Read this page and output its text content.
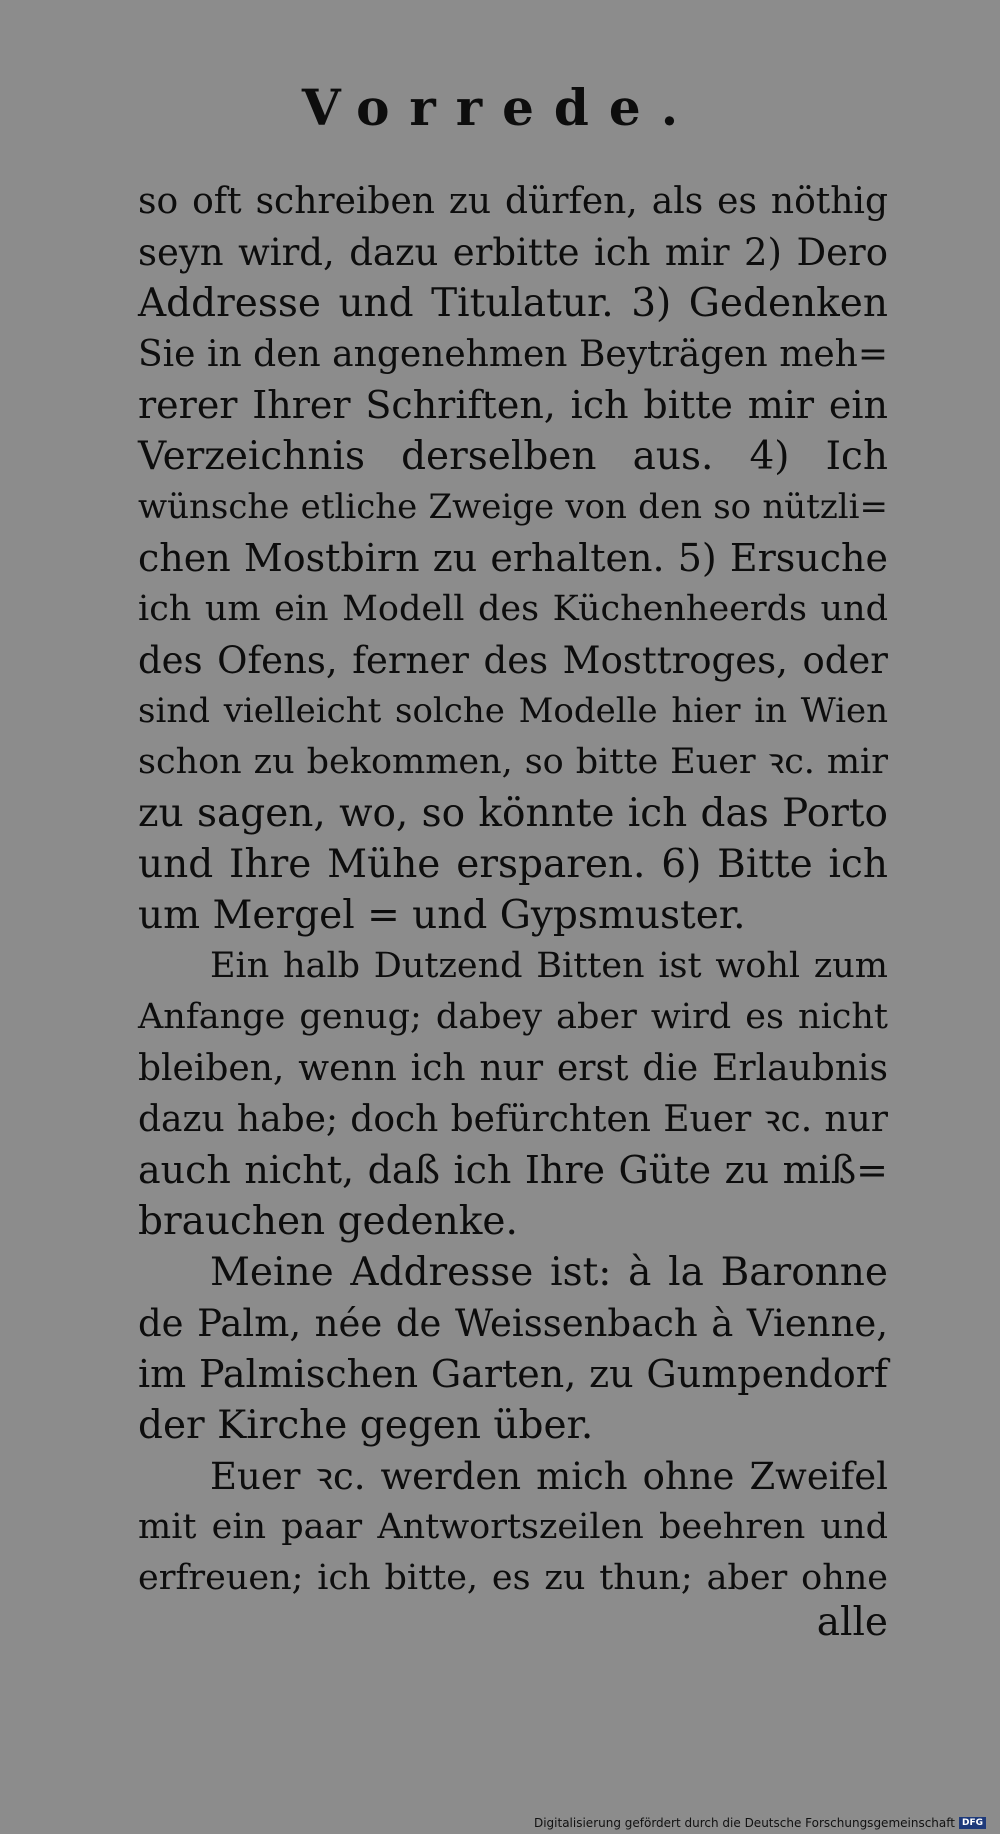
Vorrede.
so oft schreiben zu dürfen, als es nöthig
seyn wird, dazu erbitte ich mir 2) Dero
Addresse und Titulatur. 3) Gedenken
Sie in den angenehmen Beyträgen meh=
rerer Ihrer Schriften, ich bitte mir ein
Verzeichnis derselben aus. 4) Ich
wünsche etliche Zweige von den so nützli=
chen Mostbirn zu erhalten. 5) Ersuche
ich um ein Modell des Küchenheerds und
des Ofens, ferner des Mosttroges, oder
sind vielleicht solche Modelle hier in Wien
schon zu bekommen, so bitte Euer ꝛc. mir
zu sagen, wo, so könnte ich das Porto
und Ihre Mühe ersparen. 6) Bitte ich
um Mergel = und Gypsmuster.
Ein halb Dutzend Bitten ist wohl zum
Anfange genug; dabey aber wird es nicht
bleiben, wenn ich nur erst die Erlaubnis
dazu habe; doch befürchten Euer ꝛc. nur
auch nicht, daß ich Ihre Güte zu miß=
brauchen gedenke.
Meine Addresse ist: à la Baronne
de Palm, née de Weissenbach à Vienne,
im Palmischen Garten, zu Gumpendorf
der Kirche gegen über.
Euer ꝛc. werden mich ohne Zweifel
mit ein paar Antwortszeilen beehren und
erfreuen; ich bitte, es zu thun; aber ohne
alle
Digitalisierung gefördert durch die Deutsche Forschungsgemeinschaft DFG
